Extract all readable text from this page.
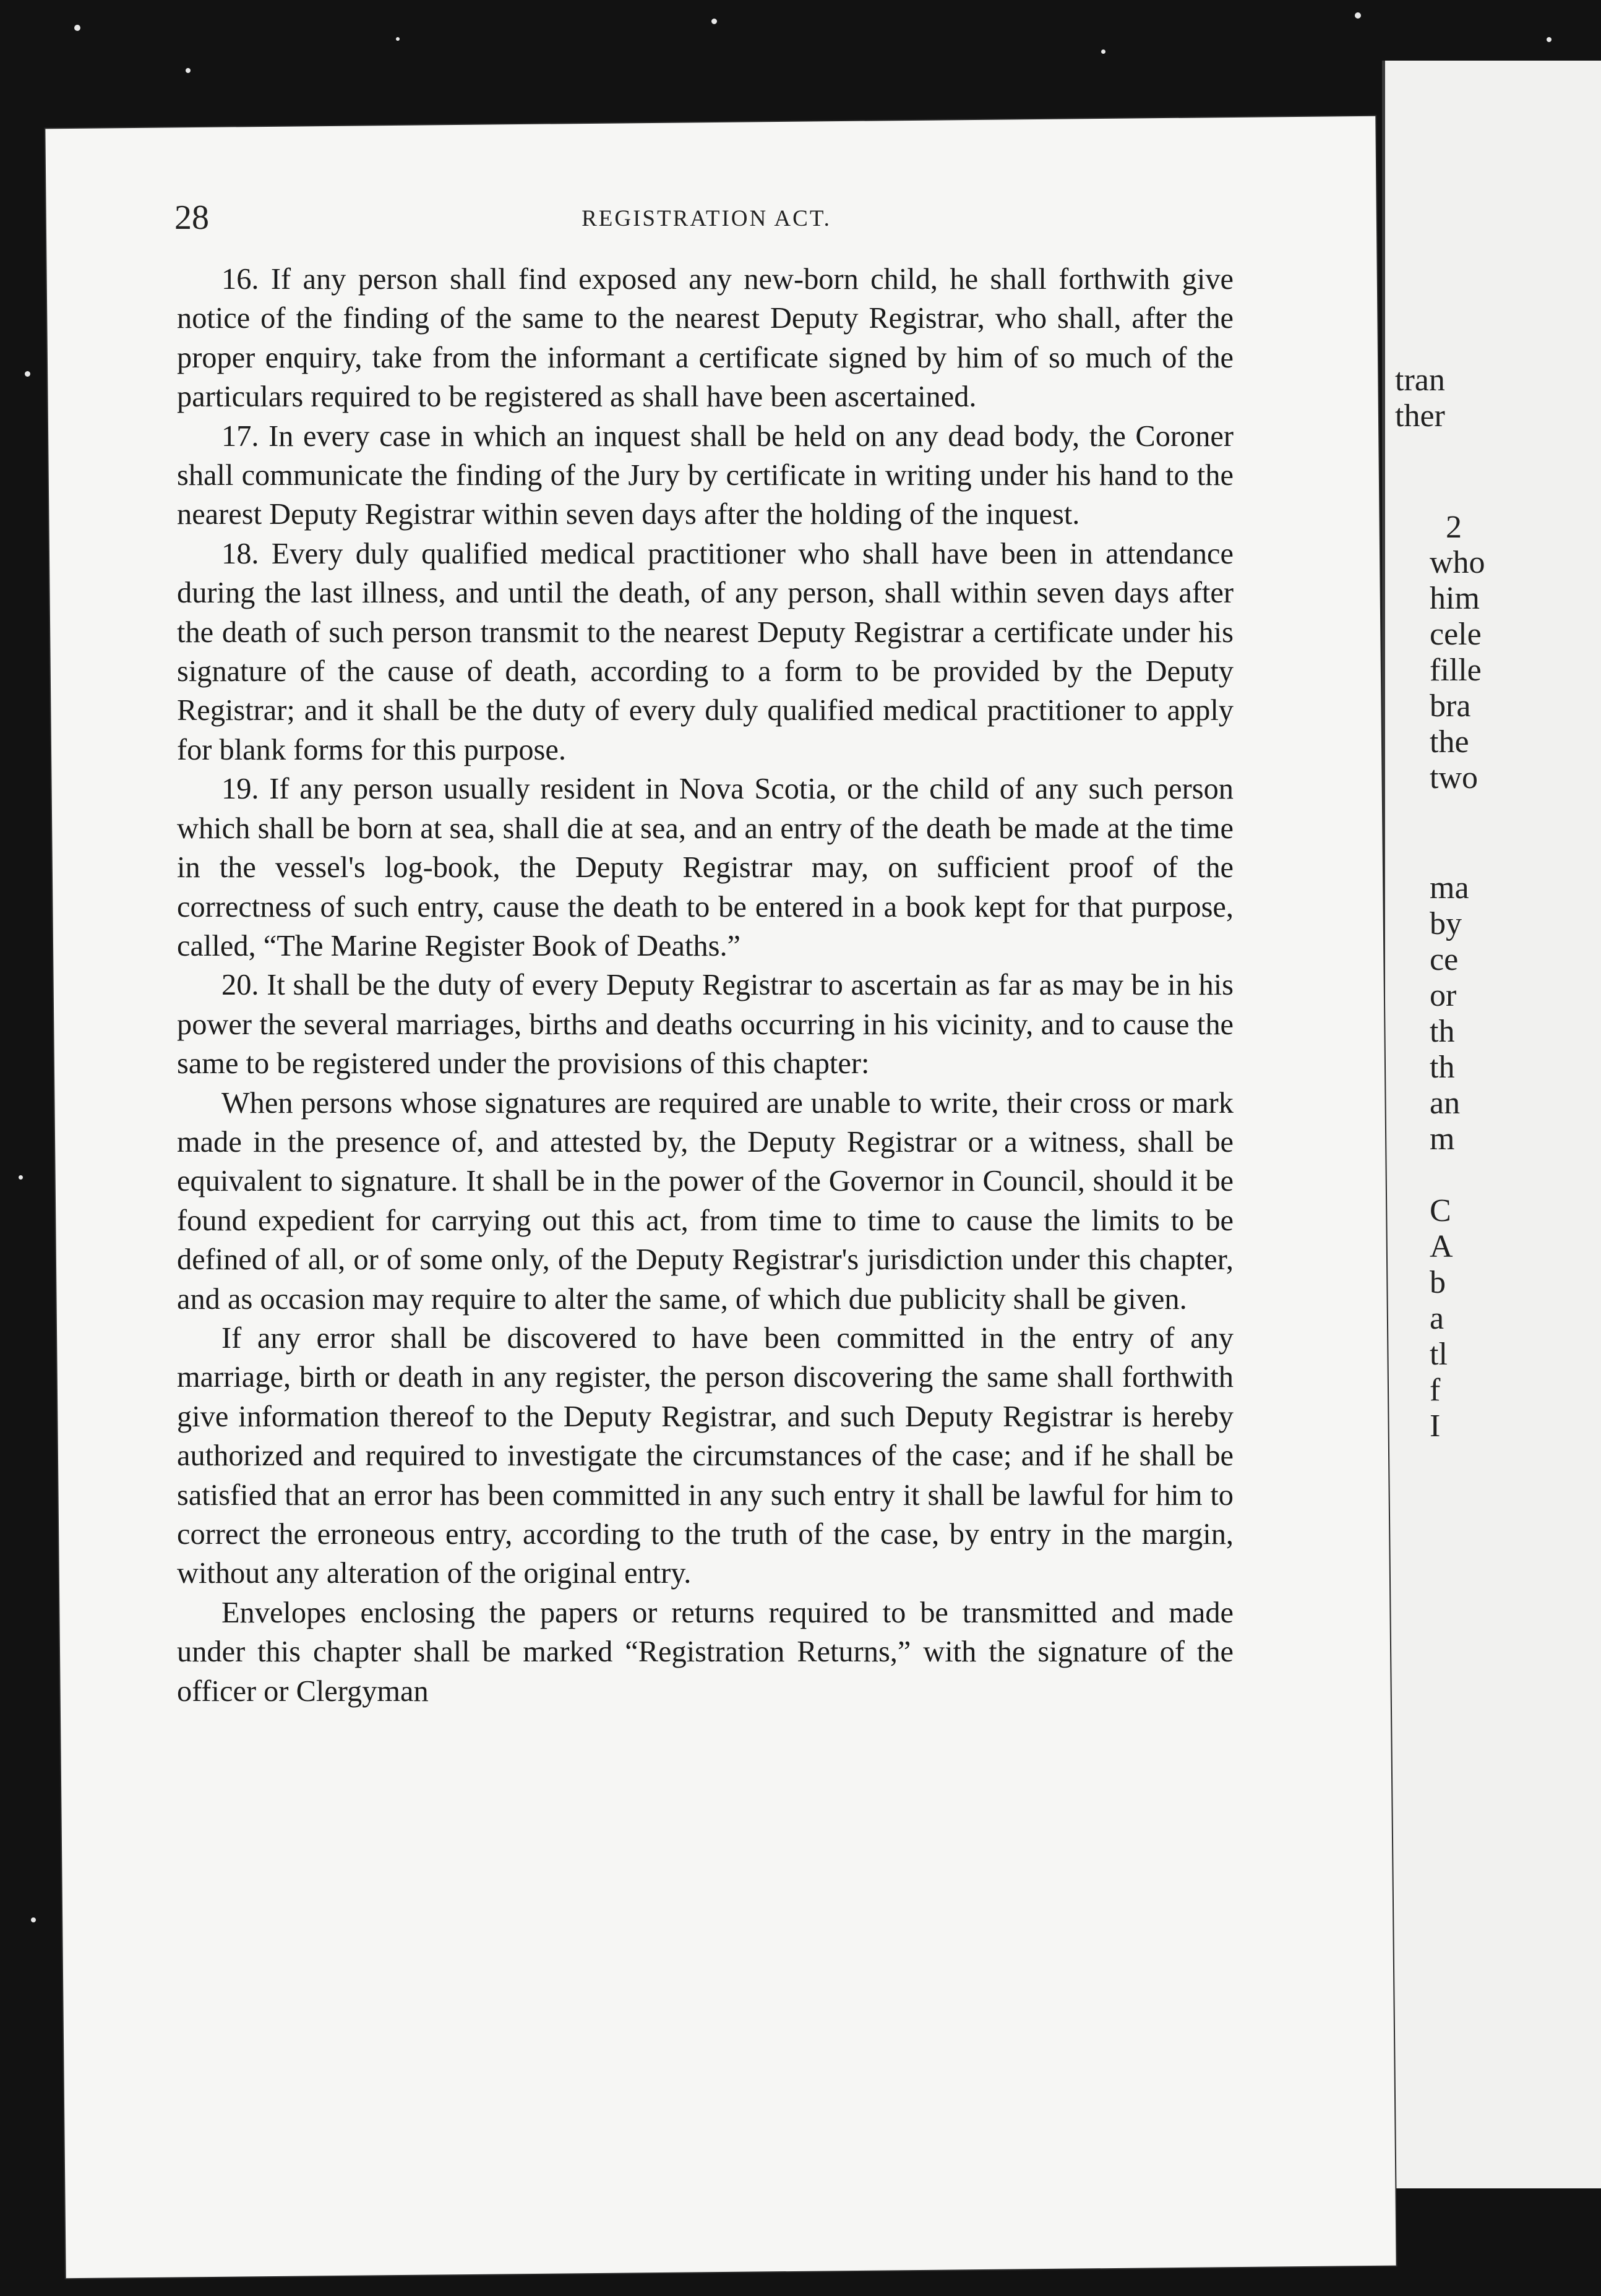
tran
ther
2
who
him
cele
fille
bra
the
two
ma
by
ce
or
th
th
an
m
C
A
b
a
tl
f
I
28	REGISTRATION ACT.

16. If any person shall find exposed any new-born child, he shall forthwith give notice of the finding of the same to the nearest Deputy Registrar, who shall, after the proper enquiry, take from the informant a certificate signed by him of so much of the particulars required to be registered as shall have been ascertained.

17. In every case in which an inquest shall be held on any dead body, the Coroner shall communicate the finding of the Jury by certificate in writing under his hand to the nearest Deputy Registrar within seven days after the holding of the inquest.

18. Every duly qualified medical practitioner who shall have been in attendance during the last illness, and until the death, of any person, shall within seven days after the death of such person transmit to the nearest Deputy Registrar a certificate under his signature of the cause of death, according to a form to be provided by the Deputy Registrar; and it shall be the duty of every duly qualified medical practitioner to apply for blank forms for this purpose.

19. If any person usually resident in Nova Scotia, or the child of any such person which shall be born at sea, shall die at sea, and an entry of the death be made at the time in the vessel's log-book, the Deputy Registrar may, on sufficient proof of the correctness of such entry, cause the death to be entered in a book kept for that purpose, called, “The Marine Register Book of Deaths.”

20. It shall be the duty of every Deputy Registrar to ascertain as far as may be in his power the several marriages, births and deaths occurring in his vicinity, and to cause the same to be registered under the provisions of this chapter:

When persons whose signatures are required are unable to write, their cross or mark made in the presence of, and attested by, the Deputy Registrar or a witness, shall be equivalent to signature. It shall be in the power of the Governor in Council, should it be found expedient for carrying out this act, from time to time to cause the limits to be defined of all, or of some only, of the Deputy Registrar's jurisdiction under this chapter, and as occasion may require to alter the same, of which due publicity shall be given.

If any error shall be discovered to have been committed in the entry of any marriage, birth or death in any register, the person discovering the same shall forthwith give information thereof to the Deputy Registrar, and such Deputy Registrar is hereby authorized and required to investigate the circumstances of the case; and if he shall be satisfied that an error has been committed in any such entry it shall be lawful for him to correct the erroneous entry, according to the truth of the case, by entry in the margin, without any alteration of the original entry.

Envelopes enclosing the papers or returns required to be transmitted and made under this chapter shall be marked “Registration Returns,” with the signature of the officer or Clergyman
